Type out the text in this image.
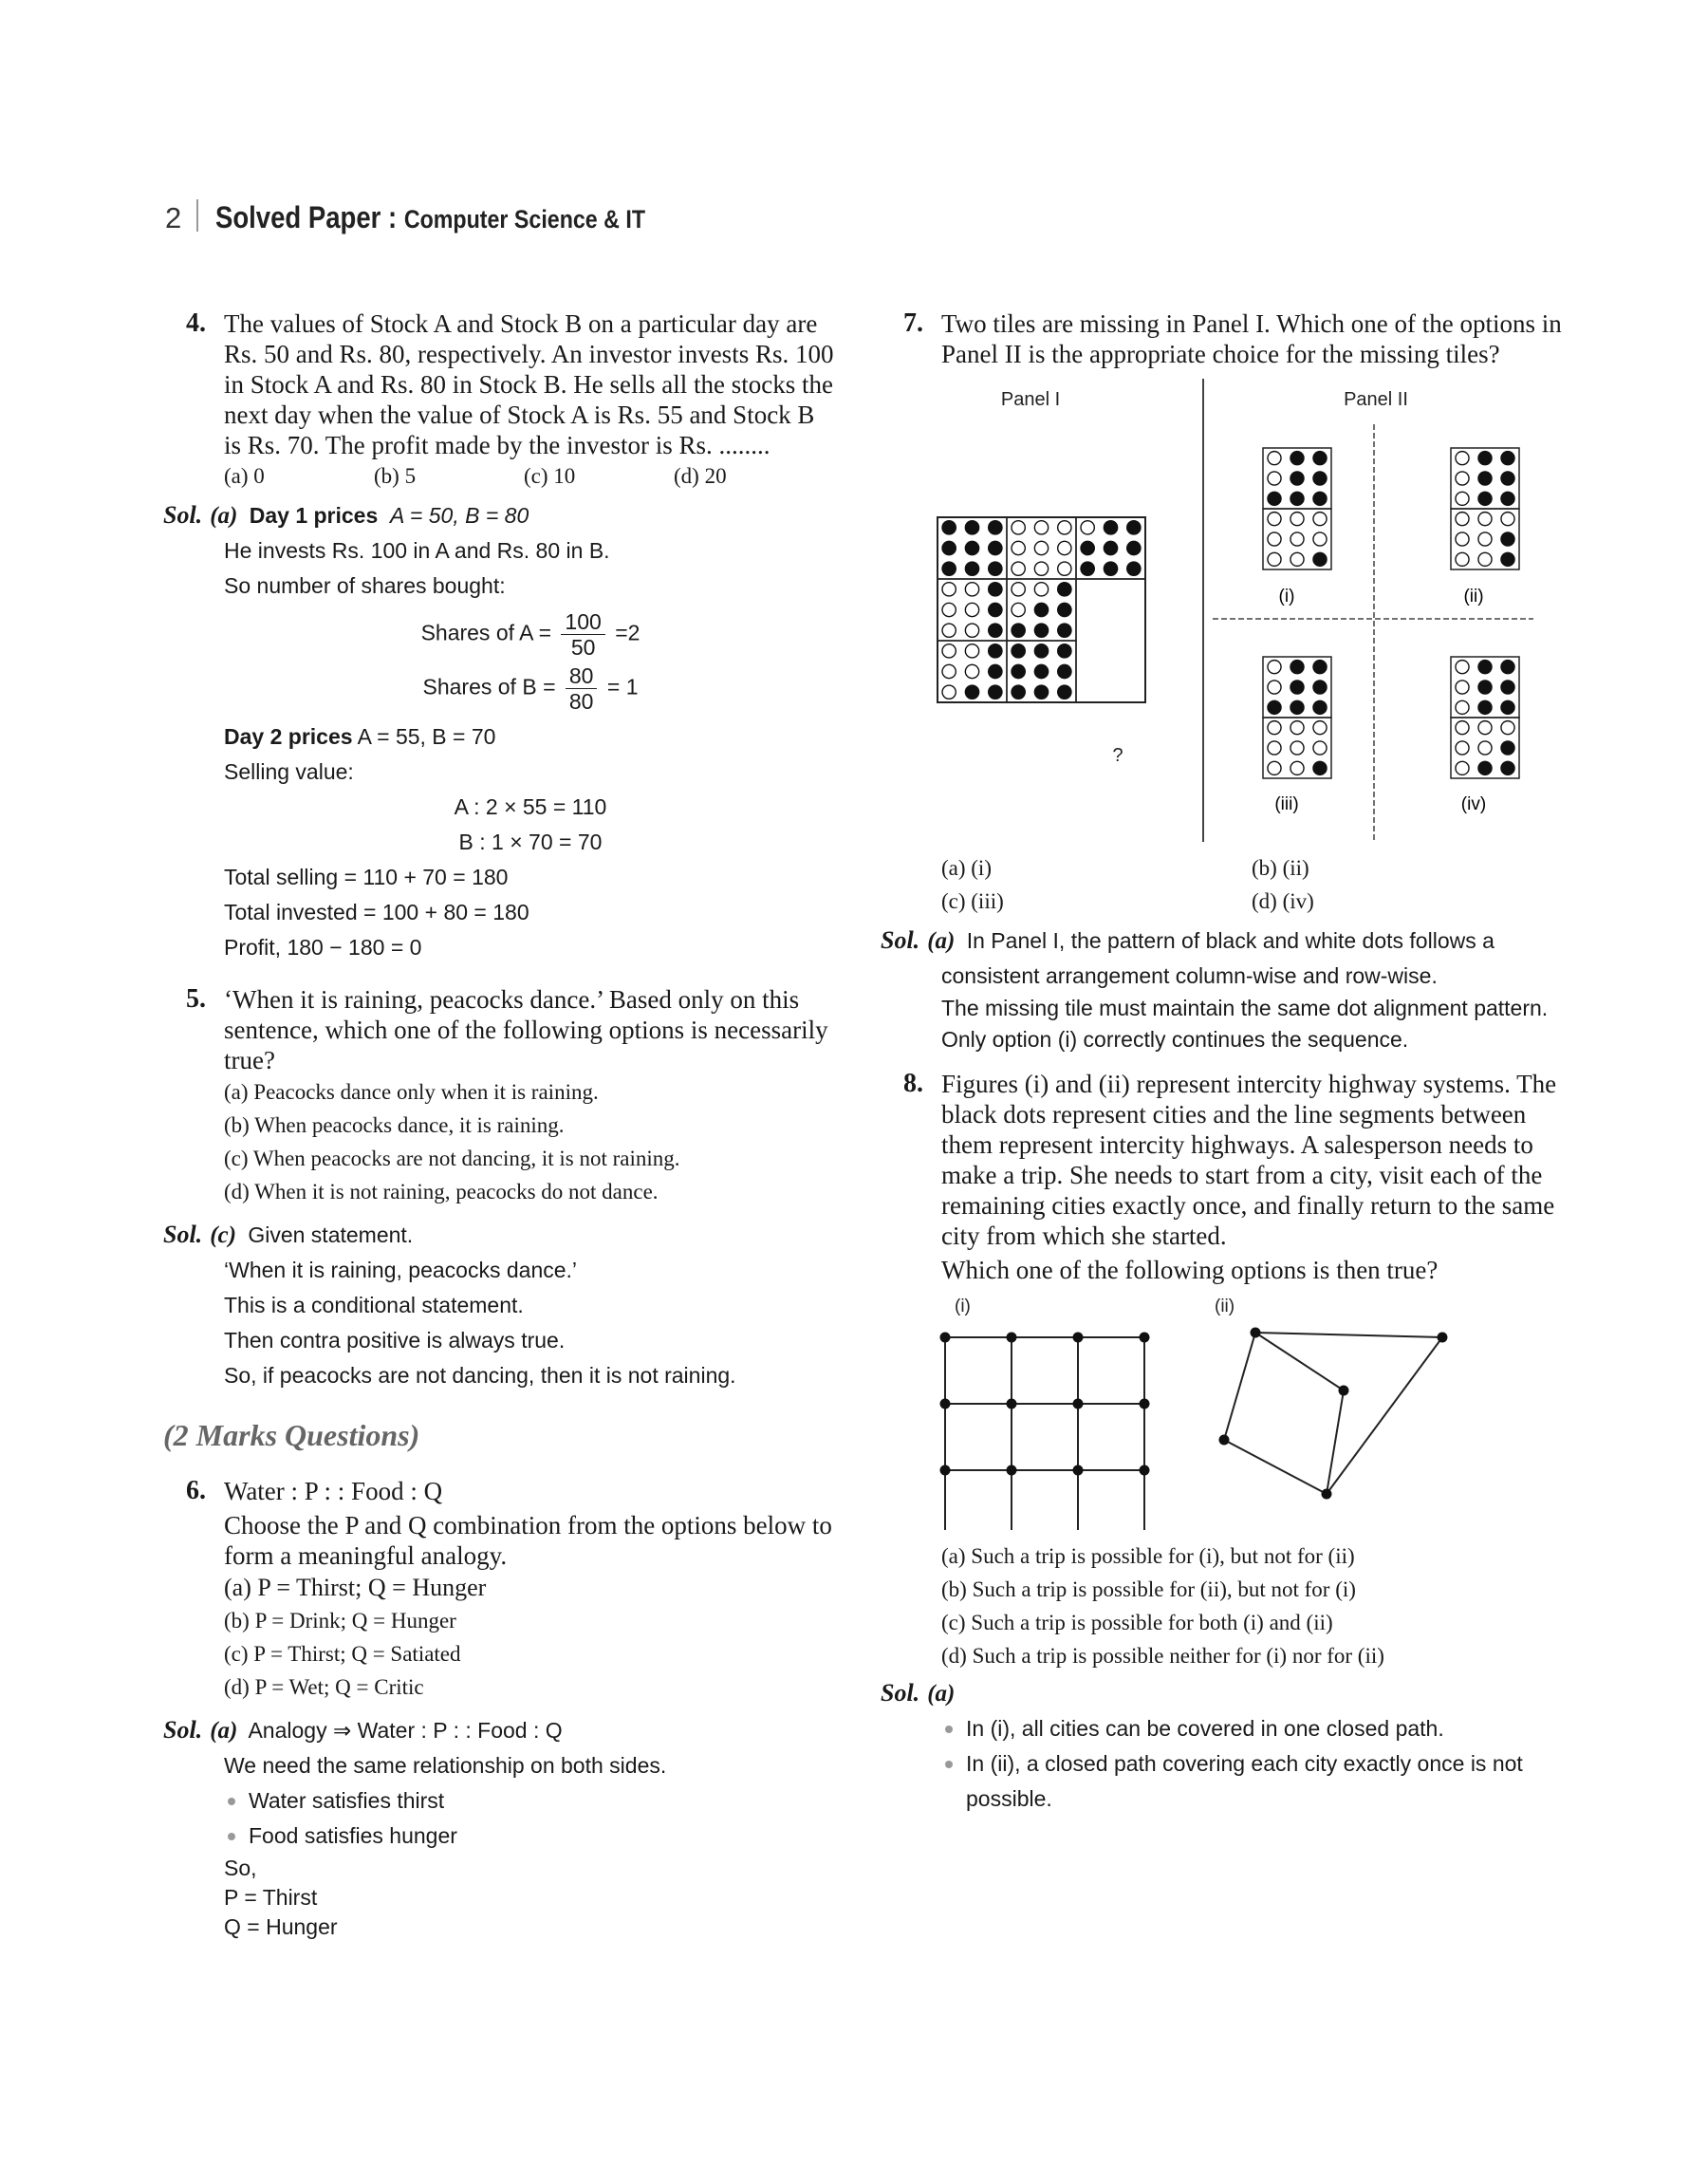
2 Solved Paper : Computer Science & IT
4. The values of Stock A and Stock B on a particular day are Rs. 50 and Rs. 80, respectively. An investor invests Rs. 100 in Stock A and Rs. 80 in Stock B. He sells all the stocks the next day when the value of Stock A is Rs. 55 and Stock B is Rs. 70. The profit made by the investor is Rs. ........
(a) 0	(b) 5	(c) 10	(d) 20
Sol. (a) Day 1 prices A = 50, B = 80
He invests Rs. 100 in A and Rs. 80 in B.
So number of shares bought:
Shares of $A = \frac{100}{50} =2$
Shares of $B = \frac{80}{80} = 1$
Day 2 prices A = 55, B = 70
Selling value:
A : 2 × 55 = 110
B : 1 × 70 = 70
Total selling = 110 + 70 = 180
Total invested = 100 + 80 = 180
Profit, 180 − 180 = 0
5. ‘When it is raining, peacocks dance.’ Based only on this sentence, which one of the following options is necessarily true?
(a) Peacocks dance only when it is raining.
(b) When peacocks dance, it is raining.
(c) When peacocks are not dancing, it is not raining.
(d) When it is not raining, peacocks do not dance.
Sol. (c) Given statement.
‘When it is raining, peacocks dance.’
This is a conditional statement.
Then contra positive is always true.
So, if peacocks are not dancing, then it is not raining.
(2 Marks Questions)
6. Water : P : : Food : Q
Choose the P and Q combination from the options below to form a meaningful analogy.
(a) P = Thirst; Q = Hunger
(b) P = Drink; Q = Hunger
(c) P = Thirst; Q = Satiated
(d) P = Wet; Q = Critic
Sol. (a) Analogy ⇒ Water : P : : Food : Q
We need the same relationship on both sides.
Water satisfies thirst
Food satisfies hunger
So,
P = Thirst
Q = Hunger
7. Two tiles are missing in Panel I. Which one of the options in Panel II is the appropriate choice for the missing tiles?
Panel I	Panel II
?
(i)	(ii)
(iii)	(iv)
(a) (i)	(b) (ii)
(c) (iii)	(d) (iv)
Sol. (a) In Panel I, the pattern of black and white dots follows a consistent arrangement column-wise and row-wise.
The missing tile must maintain the same dot alignment pattern.
Only option (i) correctly continues the sequence.
8. Figures (i) and (ii) represent intercity highway systems. The black dots represent cities and the line segments between them represent intercity highways. A salesperson needs to make a trip. She needs to start from a city, visit each of the remaining cities exactly once, and finally return to the same city from which she started.
Which one of the following options is then true?
(i)	(ii)
(a) Such a trip is possible for (i), but not for (ii)
(b) Such a trip is possible for (ii), but not for (i)
(c) Such a trip is possible for both (i) and (ii)
(d) Such a trip is possible neither for (i) nor for (ii)
Sol. (a)
In (i), all cities can be covered in one closed path.
In (ii), a closed path covering each city exactly once is not possible.
